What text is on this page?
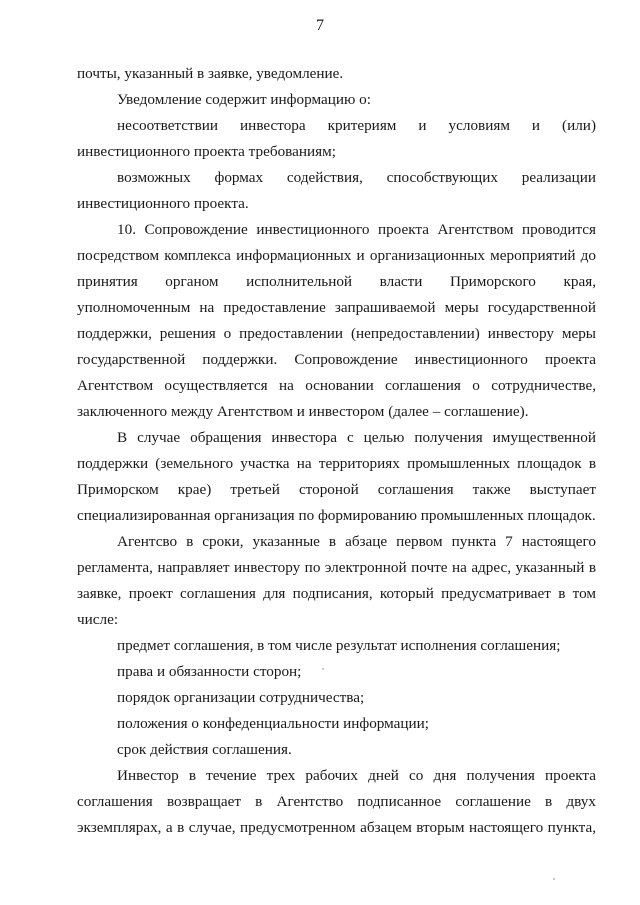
7
почты, указанный в заявке, уведомление.
Уведомление содержит информацию о:
несоответствии инвестора критериям и условиям и (или)
инвестиционного проекта требованиям;
возможных формах содействия, способствующих реализации
инвестиционного проекта.
10. Сопровождение инвестиционного проекта Агентством проводится
посредством комплекса информационных и организационных мероприятий до
принятия органом исполнительной власти Приморского края,
уполномоченным на предоставление запрашиваемой меры государственной
поддержки, решения о предоставлении (непредоставлении) инвестору меры
государственной поддержки. Сопровождение инвестиционного проекта
Агентством осуществляется на основании соглашения о сотрудничестве,
заключенного между Агентством и инвестором (далее – соглашение).
В случае обращения инвестора с целью получения имущественной
поддержки (земельного участка на территориях промышленных площадок в
Приморском крае) третьей стороной соглашения также выступает
специализированная организация по формированию промышленных площадок.
Агентсво в сроки, указанные в абзаце первом пункта 7 настоящего
регламента, направляет инвестору по электронной почте на адрес, указанный в
заявке, проект соглашения для подписания, который предусматривает в том
числе:
предмет соглашения, в том числе результат исполнения соглашения;
права и обязанности сторон;
порядок организации сотрудничества;
положения о конфеденциальности информации;
срок действия соглашения.
Инвестор в течение трех рабочих дней со дня получения проекта
соглашения возвращает в Агентство подписанное соглашение в двух
экземплярах, а в случае, предусмотренном абзацем вторым настоящего пункта,
